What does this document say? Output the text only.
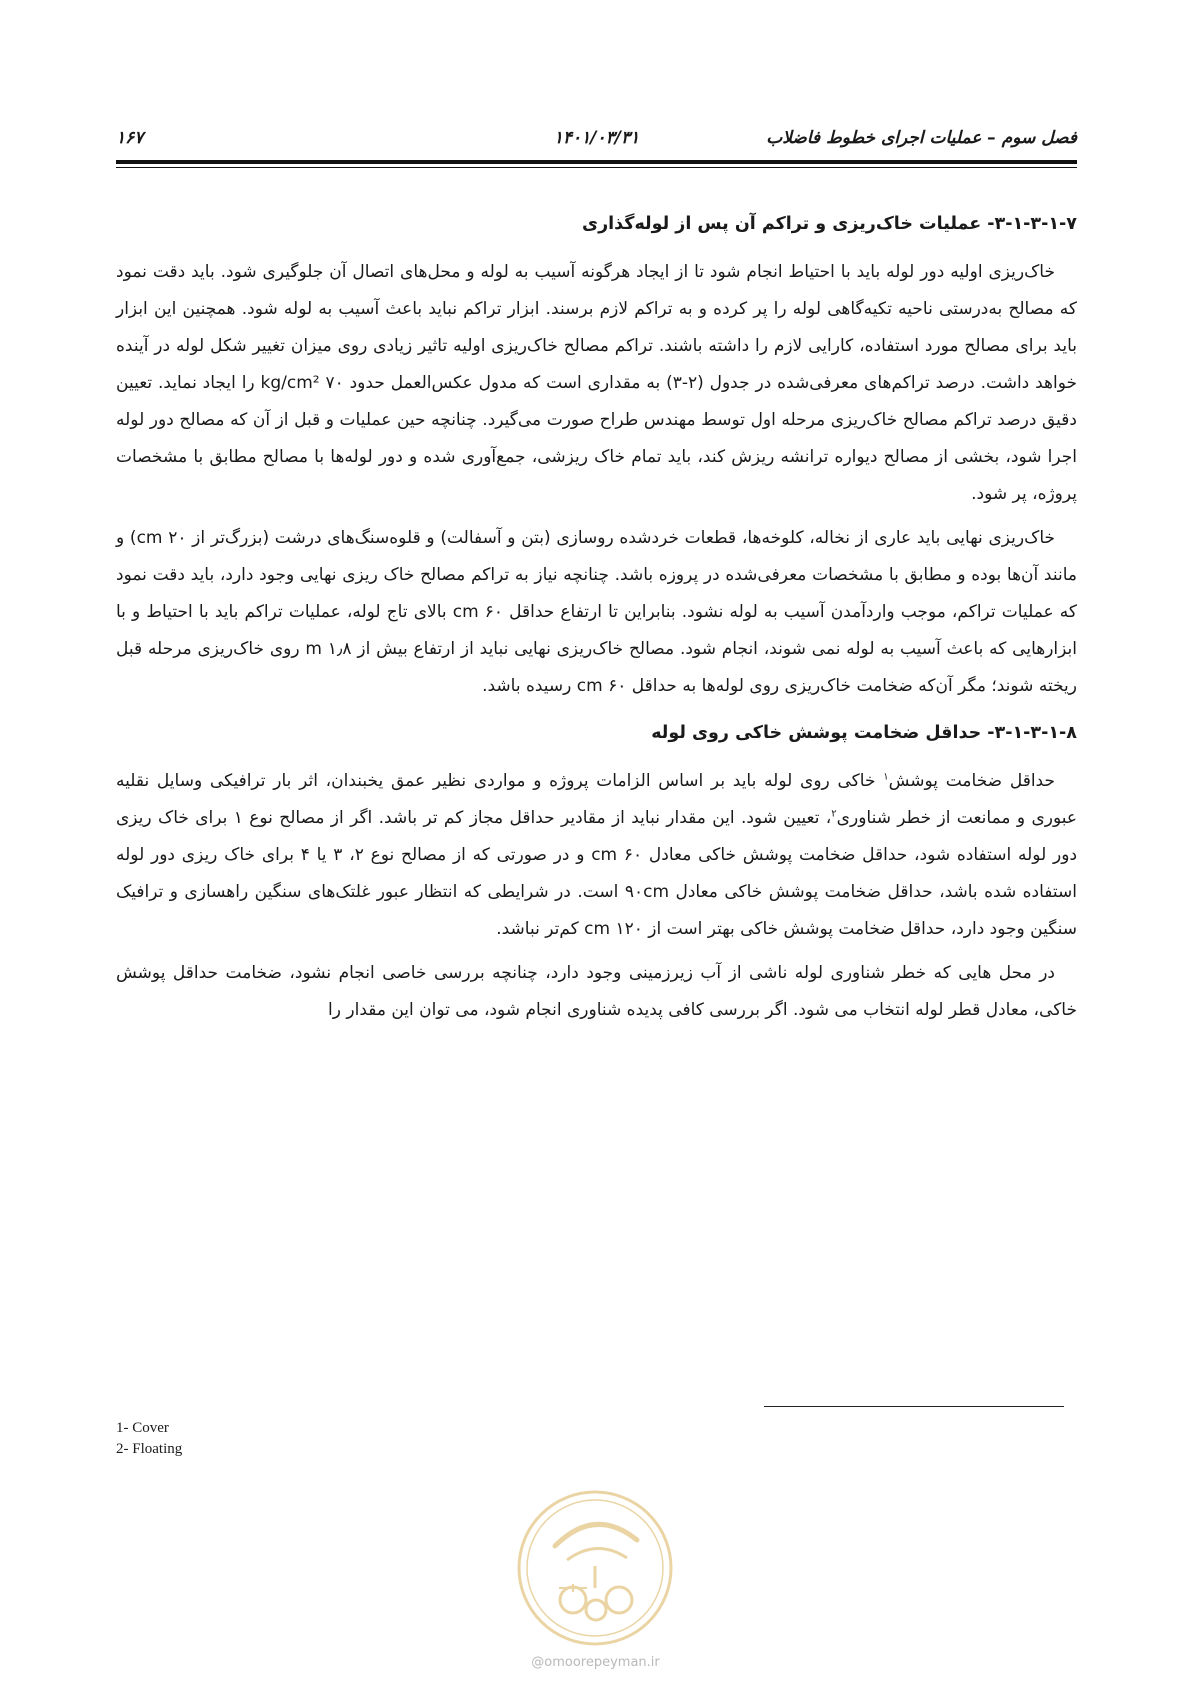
فصل سوم – عملیات اجرای خطوط فاضلاب
۱۴۰۱/۰۳/۳۱
۱۶۷
۳-۱-۳-۱-۷- عملیات خاک‌ریزی و تراکم آن پس از لوله‌گذاری

خاک‌ریزی اولیه دور لوله باید با احتیاط انجام شود تا از ایجاد هرگونه آسیب به لوله و محل‌های اتصال آن جلوگیری شود. باید دقت نمود که مصالح به‌درستی ناحیه تکیه‌گاهی لوله را پر کرده و به تراکم لازم برسند. ابزار تراکم نباید باعث آسیب به لوله شود. همچنین این ابزار باید برای مصالح مورد استفاده، کارایی لازم را داشته باشند. تراکم مصالح خاک‌ریزی اولیه تاثیر زیادی روی میزان تغییر شکل لوله در آینده خواهد داشت. درصد تراکم‌های معرفی‌شده در جدول (۲-۳) به مقداری است که مدول عکس‌العمل حدود ۷۰ kg/cm² را ایجاد نماید. تعیین دقیق درصد تراکم مصالح خاک‌ریزی مرحله اول توسط مهندس طراح صورت می‌گیرد. چنانچه حین عملیات و قبل از آن که مصالح دور لوله اجرا شود، بخشی از مصالح دیواره ترانشه ریزش کند، باید تمام خاک ریزشی، جمع‌آوری شده و دور لوله‌ها با مصالح مطابق با مشخصات پروژه، پر شود.

خاک‌ریزی نهایی باید عاری از نخاله، کلوخه‌ها، قطعات خردشده روسازی (بتن و آسفالت) و قلوه‌سنگ‌های درشت (بزرگ‌تر از ۲۰ cm) و مانند آن‌ها بوده و مطابق با مشخصات معرفی‌شده در پروزه باشد. چنانچه نیاز به تراکم مصالح خاک ریزی نهایی وجود دارد، باید دقت نمود که عملیات تراکم، موجب واردآمدن آسیب به لوله نشود. بنابراین تا ارتفاع حداقل ۶۰ cm بالای تاج لوله، عملیات تراکم باید با احتیاط و با ابزارهایی که باعث آسیب به لوله نمی شوند، انجام شود. مصالح خاک‌ریزی نهایی نباید از ارتفاع بیش از ۱٫۸ m روی خاک‌ریزی مرحله قبل ریخته شوند؛ مگر آن‌که ضخامت خاک‌ریزی روی لوله‌ها به حداقل ۶۰ cm رسیده باشد.

۳-۱-۳-۱-۸- حداقل ضخامت پوشش خاکی روی لوله

حداقل ضخامت پوشش$^۱$ خاکی روی لوله باید بر اساس الزامات پروژه و مواردی نظیر عمق یخبندان، اثر بار ترافیکی وسایل نقلیه عبوری و ممانعت از خطر شناوری$^۲$، تعیین شود. این مقدار نباید از مقادیر حداقل مجاز کم تر باشد. اگر از مصالح نوع ۱ برای خاک ریزی دور لوله استفاده شود، حداقل ضخامت پوشش خاکی معادل ۶۰ cm و در صورتی که از مصالح نوع ۲، ۳ یا ۴ برای خاک ریزی دور لوله استفاده شده باشد، حداقل ضخامت پوشش خاکی معادل ۹۰cm است. در شرایطی که انتظار عبور غلتک‌های سنگین راهسازی و ترافیک سنگین وجود دارد، حداقل ضخامت پوشش خاکی بهتر است از ۱۲۰ cm کم‌تر نباشد.

در محل هایی که خطر شناوری لوله ناشی از آب زیرزمینی وجود دارد، چنانچه بررسی خاصی انجام نشود، ضخامت حداقل پوشش خاکی، معادل قطر لوله انتخاب می شود. اگر بررسی کافی پدیده شناوری انجام شود، می توان این مقدار را

1- Cover
2- Floating
@omoorepeyman.ir
